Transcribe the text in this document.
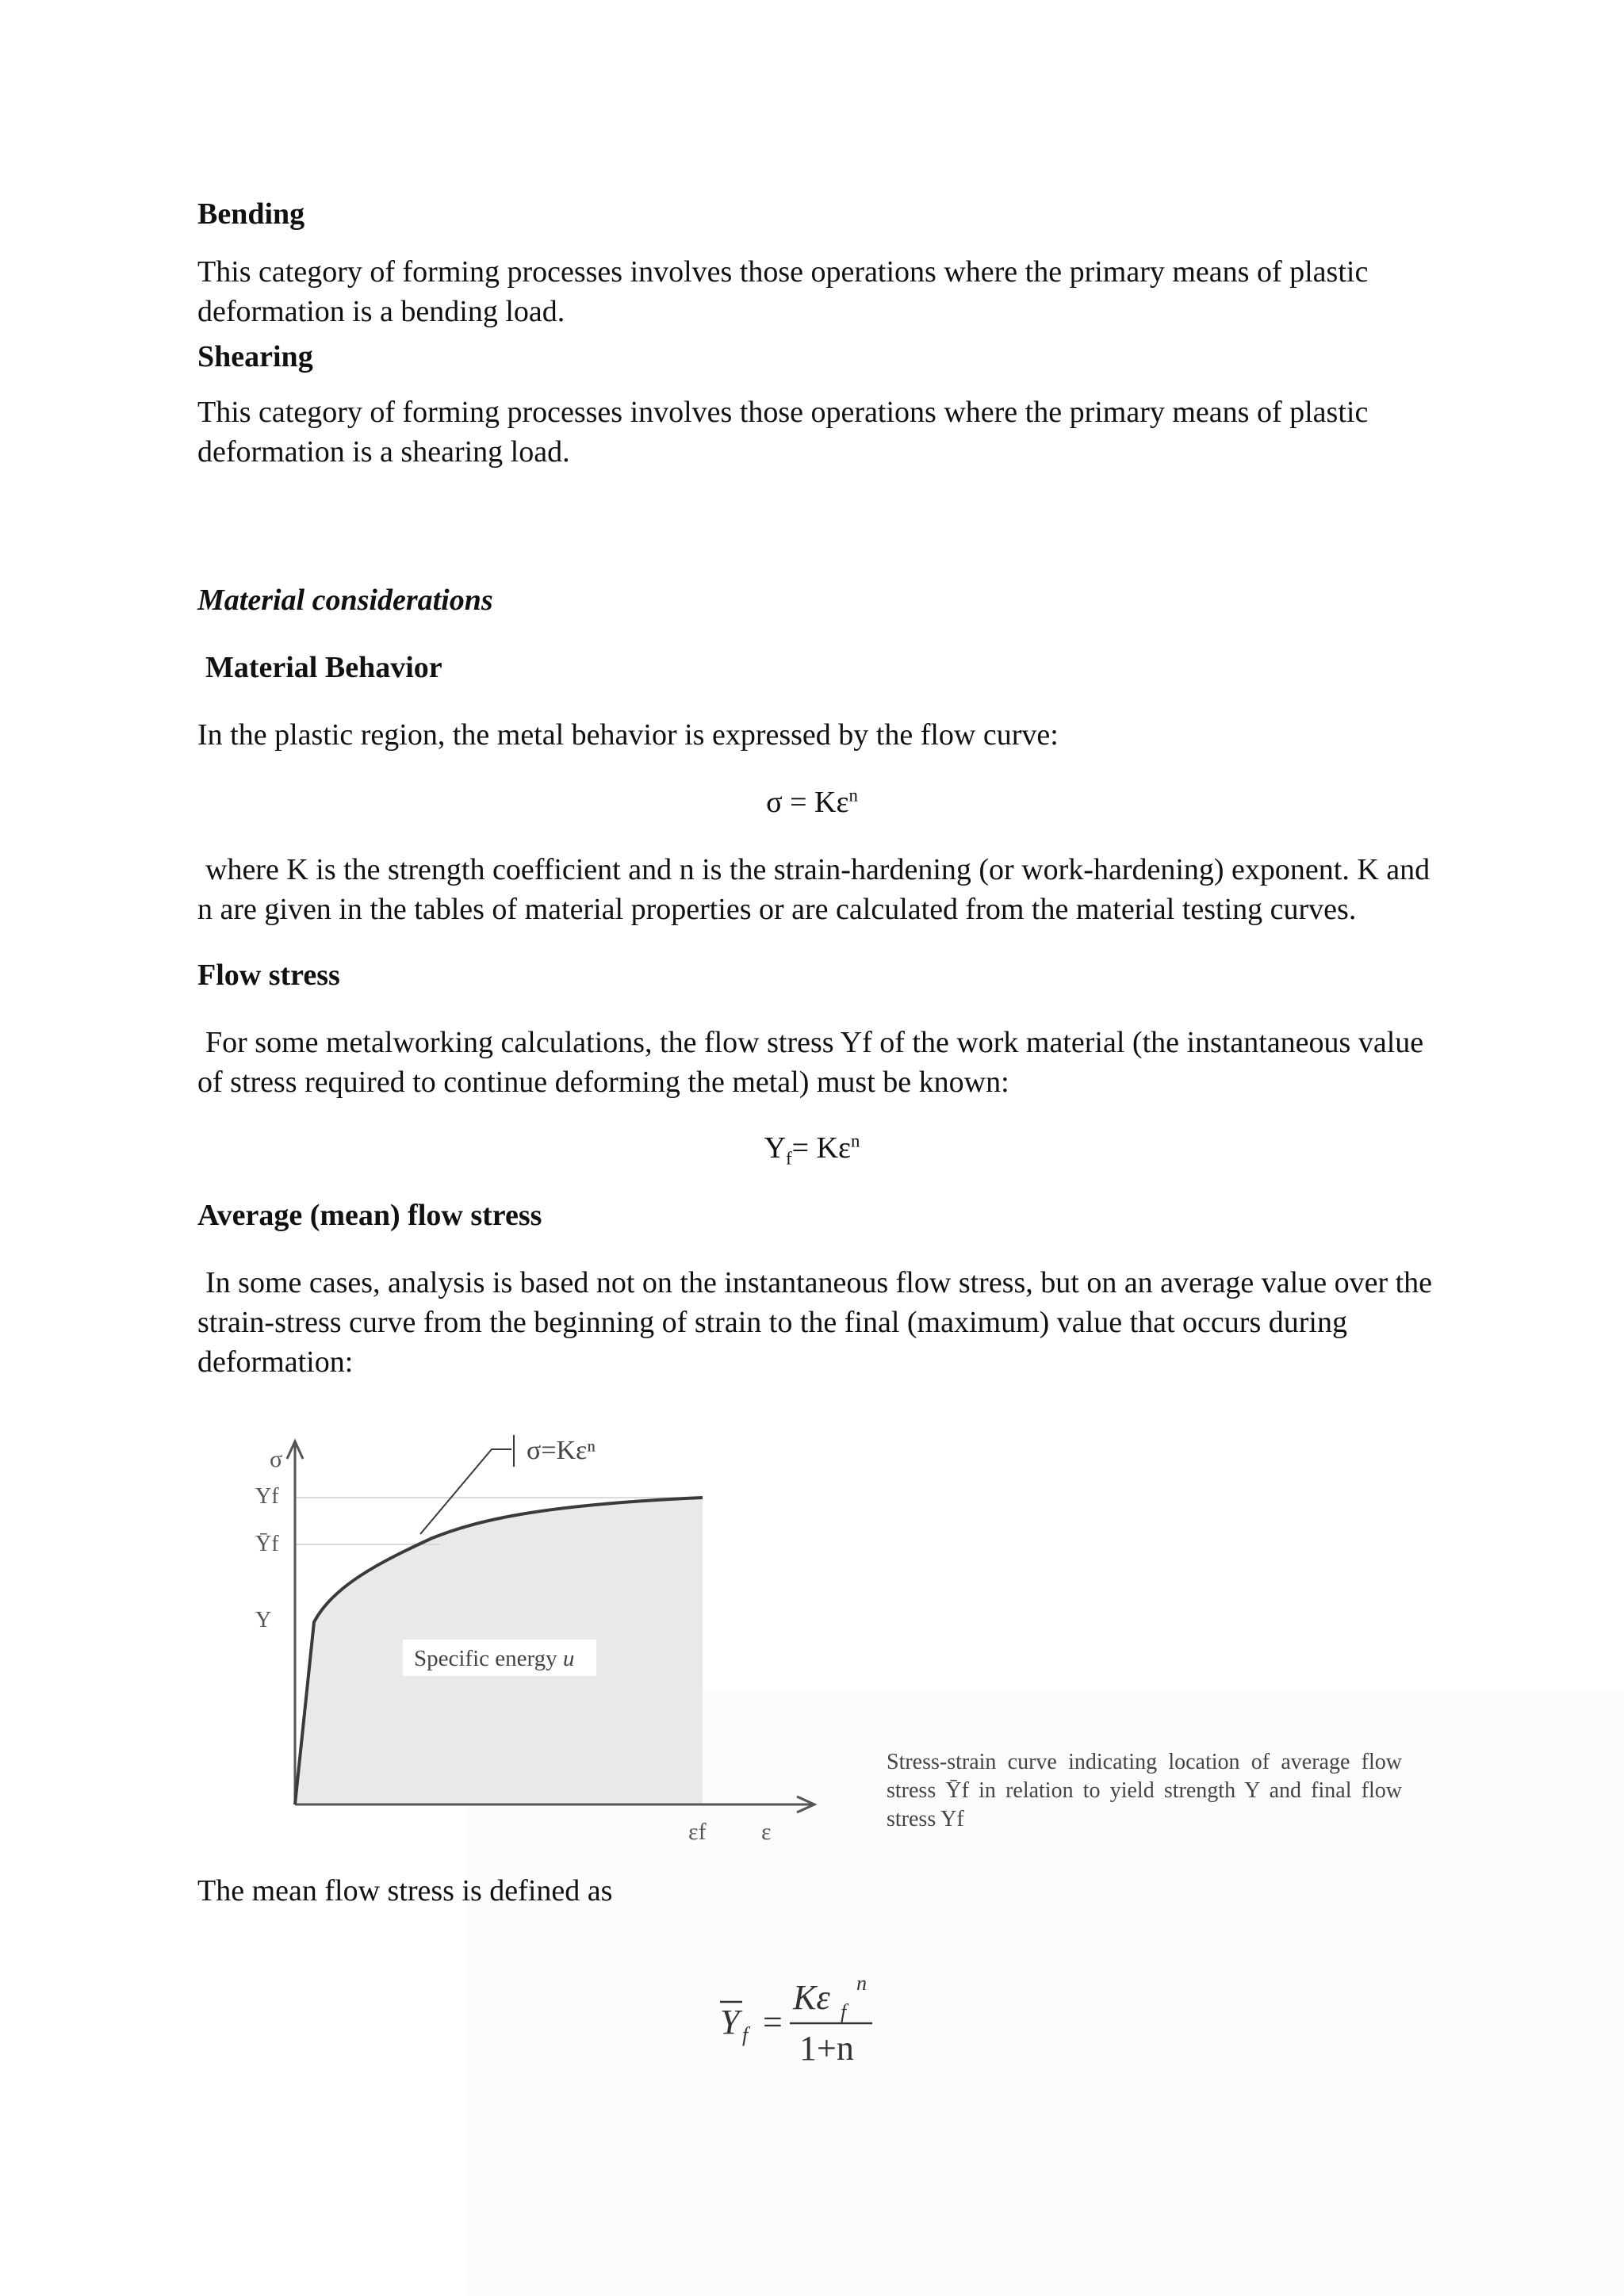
Bending
This category of forming processes involves those operations where the primary means of plastic deformation is a bending load.
Shearing
This category of forming processes involves those operations where the primary means of plastic deformation is a shearing load.
Material considerations
Material Behavior
In the plastic region, the metal behavior is expressed by the flow curve:
$\sigma = K\varepsilon^n$
where K is the strength coefficient and n is the strain-hardening (or work-hardening) exponent. K and n are given in the tables of material properties or are calculated from the material testing curves.
Flow stress
For some metalworking calculations, the flow stress Yf of the work material (the instantaneous value of stress required to continue deforming the metal) must be known:
$Y_f= K\varepsilon^n$
Average (mean) flow stress
In some cases, analysis is based not on the instantaneous flow stress, but on an average value over the strain-stress curve from the beginning of strain to the final (maximum) value that occurs during deformation:
σ
Yf
Ȳf
Y
εf ε
σ=Kεⁿ
Specific energy u
Stress-strain curve indicating location of average flow stress Ȳf in relation to yield strength Y and final flow stress Yf
The mean flow stress is defined as
Y f =
Kε f
n
1+n
